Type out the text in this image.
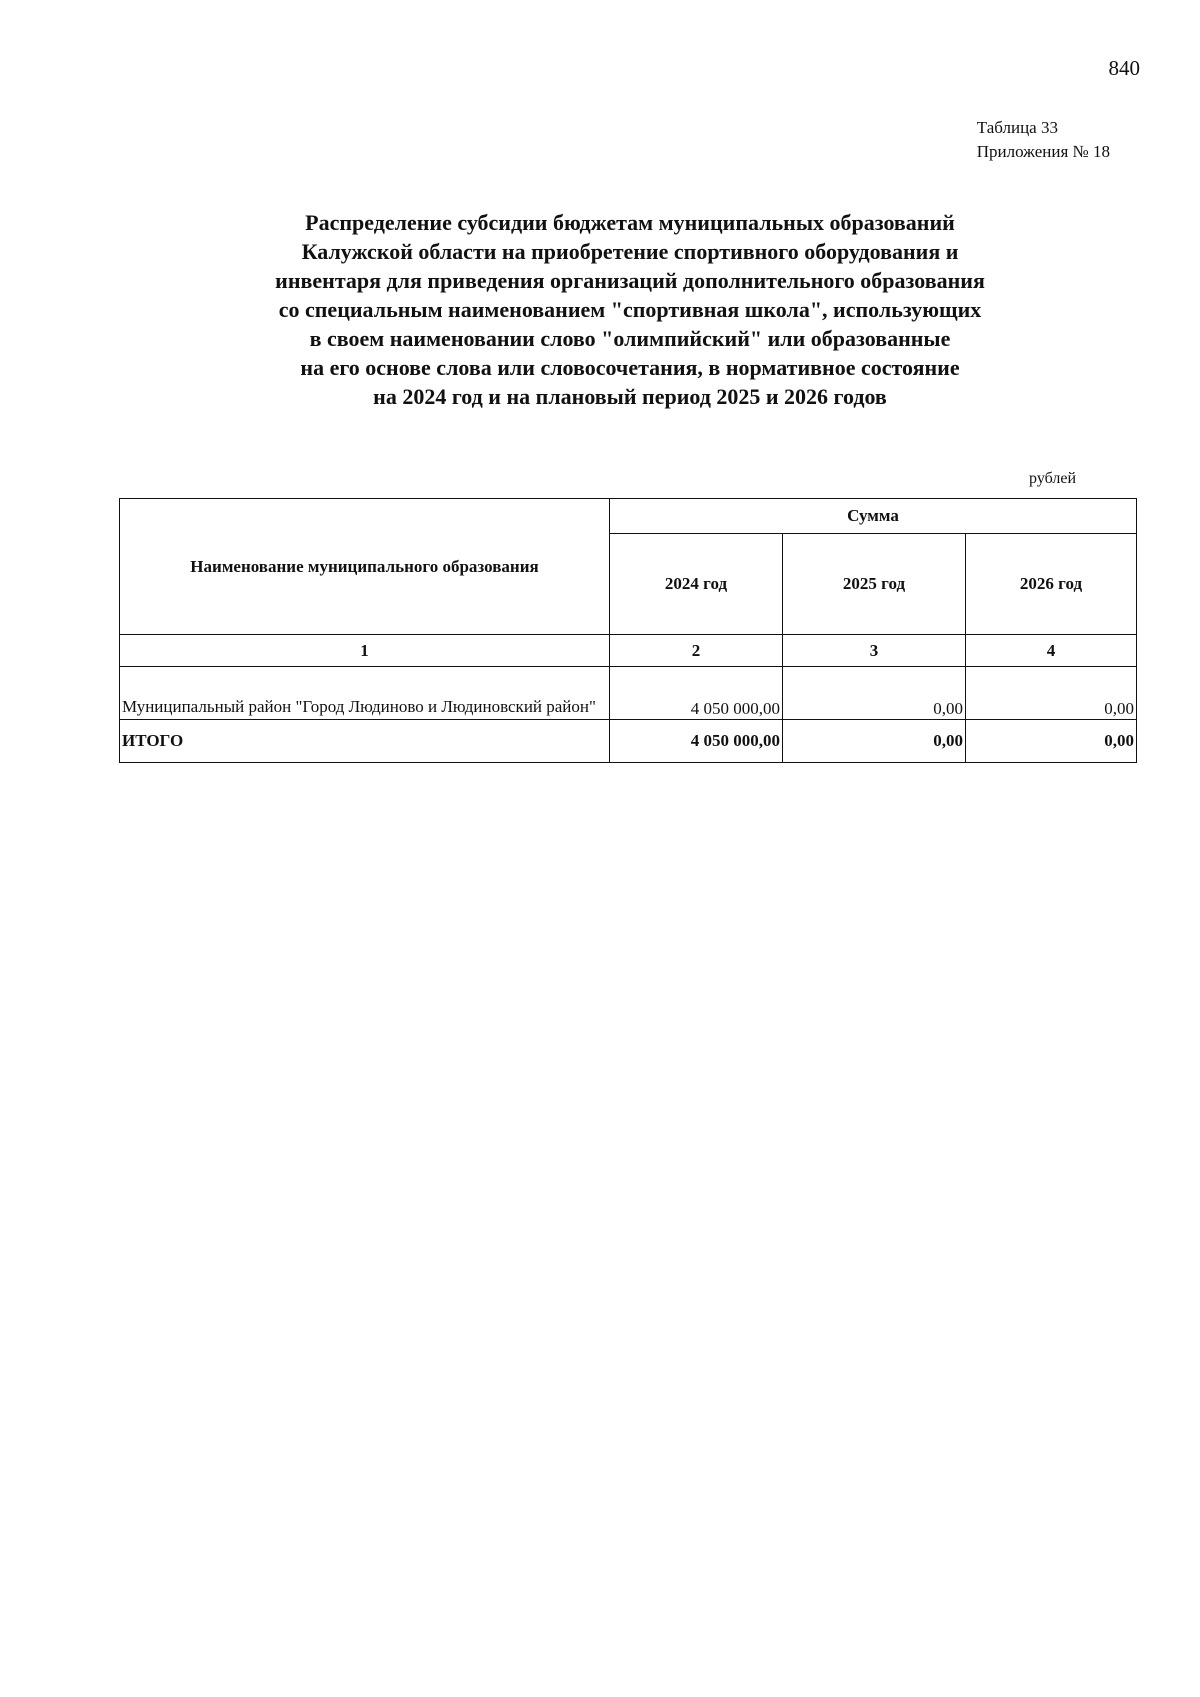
840
Таблица 33
Приложения № 18
Распределение субсидии бюджетам муниципальных образований
Калужской области на приобретение спортивного оборудования и
инвентаря для приведения организаций дополнительного образования
со специальным наименованием "спортивная школа", использующих
в своем наименовании слово "олимпийский" или образованные
на его основе слова или словосочетания, в нормативное состояние
на 2024 год и на плановый период 2025 и 2026 годов
рублей
Наименование муниципального образования	Сумма		
	2024 год	2025 год	2026 год
1	2	3	4
Муниципальный район "Город Людиново и Людиновский район"	4 050 000,00	0,00	0,00
ИТОГО	4 050 000,00	0,00	0,00
